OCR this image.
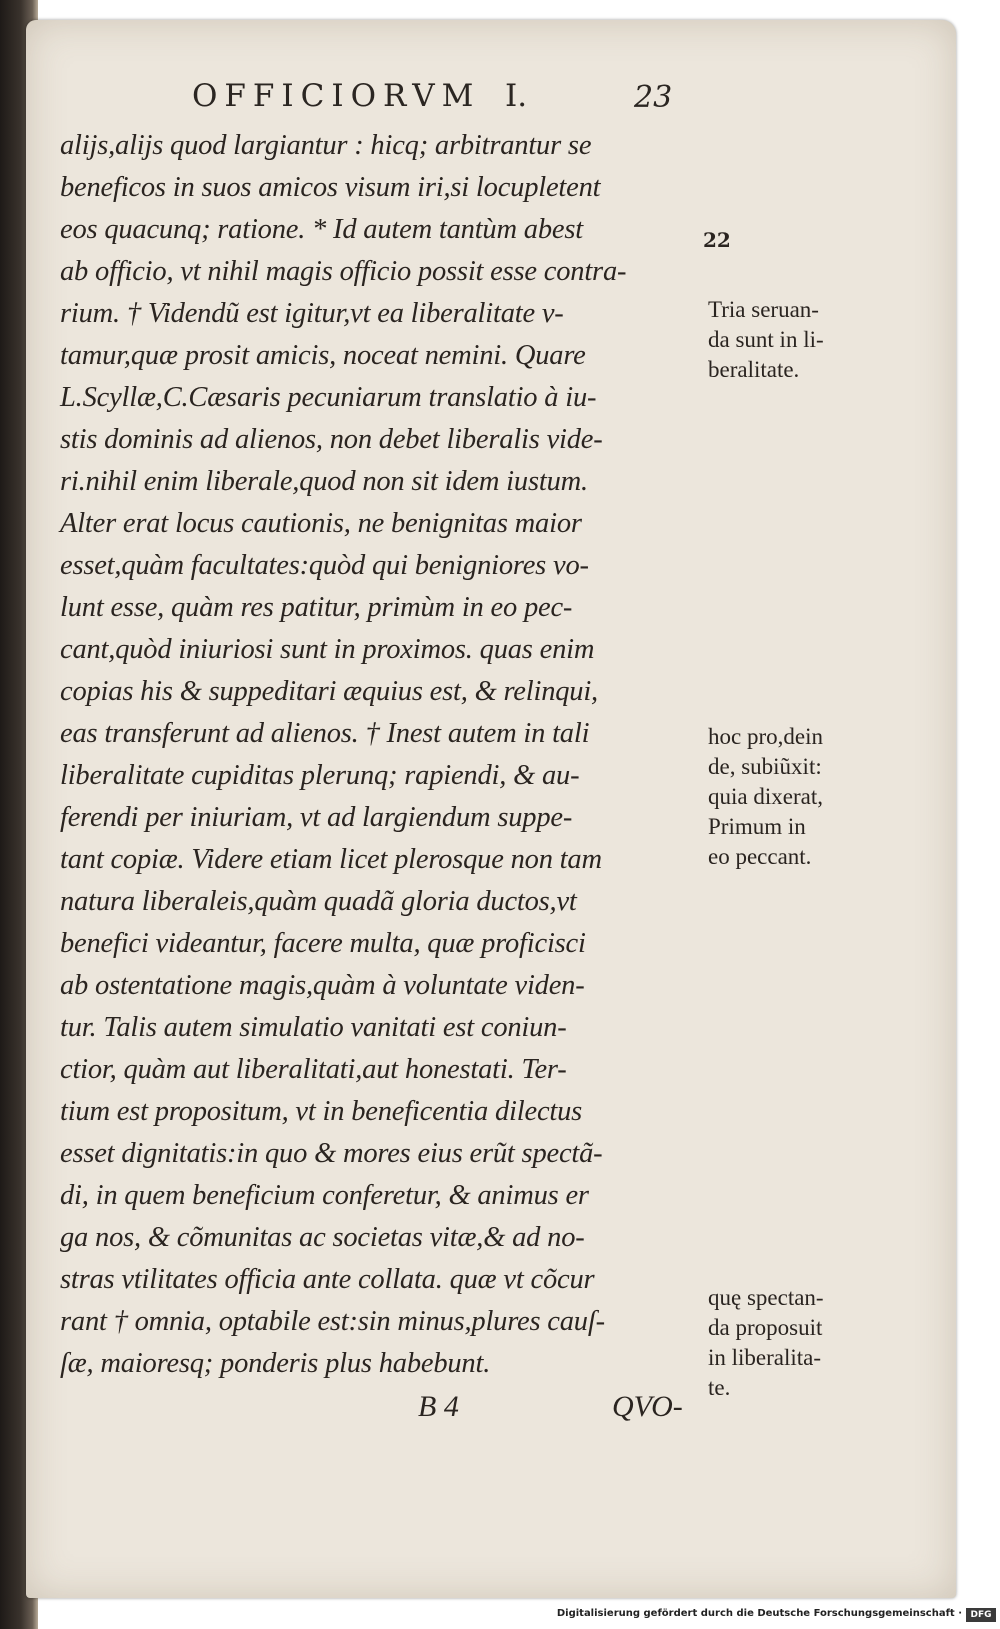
OFFICIORVM I.	23
alijs,alijs quod largiantur : hicq; arbitrantur se
beneficos in suos amicos visum iri,si locupletent
eos quacunq; ratione. * Id autem tantùm abest
ab officio, vt nihil magis officio possit esse contra-
rium. † Videndũ est igitur,vt ea liberalitate v-
tamur,quæ prosit amicis, noceat nemini. Quare
L.Scyllæ,C.Cæsaris pecuniarum translatio à iu-
stis dominis ad alienos, non debet liberalis vide-
ri.nihil enim liberale,quod non sit idem iustum.
Alter erat locus cautionis, ne benignitas maior
esset,quàm facultates:quòd qui benigniores vo-
lunt esse, quàm res patitur, primùm in eo pec-
cant,quòd iniuriosi sunt in proximos. quas enim
copias his & suppeditari æquius est, & relinqui,
eas transferunt ad alienos. † Inest autem in tali
liberalitate cupiditas plerunq; rapiendi, & au-
ferendi per iniuriam, vt ad largiendum suppe-
tant copiæ. Videre etiam licet plerosque non tam
natura liberaleis,quàm quadã gloria ductos,vt
benefici videantur, facere multa, quæ proficisci
ab ostentatione magis,quàm à voluntate viden-
tur. Talis autem simulatio vanitati est coniun-
ctior, quàm aut liberalitati,aut honestati. Ter-
tium est propositum, vt in beneficentia dilectus
esset dignitatis:in quo & mores eius erũt spectã-
di, in quem beneficium conferetur, & animus er
ga nos, & cõmunitas ac societas vitæ,& ad no-
stras vtilitates officia ante collata. quæ vt cõcur
rant † omnia, optabile est:sin minus,plures cauſ-
ſæ, maioresq; ponderis plus habebunt.
22
Tria seruan-
da sunt in li-
beralitate.
hoc pro,dein
de, subiũxit:
quia dixerat,
Primum in
eo peccant.
quę spectan-
da proposuit
in liberalita-
te.
B 4	QVO-
Digitalisierung gefördert durch die Deutsche Forschungsgemeinschaft · DFG
